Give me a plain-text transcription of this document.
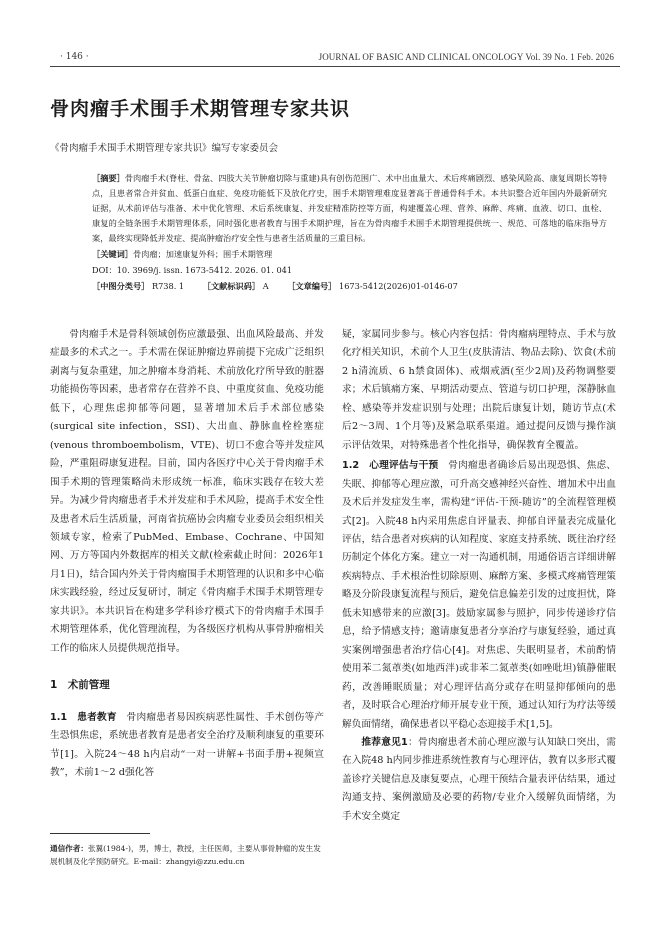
· 146 ·	JOURNAL OF BASIC AND CLINICAL ONCOLOGY Vol. 39 No. 1 Feb. 2026
骨肉瘤手术围手术期管理专家共识
《骨肉瘤手术围手术期管理专家共识》编写专家委员会

［摘要］骨肉瘤手术(脊柱、骨盆、四肢大关节肿瘤切除与重建)具有创伤范围广、术中出血量大、术后疼痛剧烈、感染风险高、康复周期长等特点，且患者常合并贫血、低蛋白血症、免疫功能低下及放化疗史，围手术期管理难度显著高于普通骨科手术。本共识整合近年国内外最新研究证据，从术前评估与准备、术中优化管理、术后系统康复、并发症精准防控等方面，构建覆盖心理、营养、麻醉、疼痛、血液、切口、血栓、康复的全链条围手术期管理体系，同时强化患者教育与围手术期护理，旨在为骨肉瘤手术围手术期管理提供统一、规范、可落地的临床指导方案，最终实现降低并发症、提高肿瘤治疗安全性与患者生活质量的三重目标。

［关键词］骨肉瘤；加速康复外科；围手术期管理
DOI：10. 3969/j. issn. 1673-5412. 2026. 01. 041
［中图分类号］ R738. 1 ［文献标识码］ A ［文章编号］ 1673-5412(2026)01-0146-07

骨肉瘤手术是骨科领域创伤应激最强、出血风险最高、并发症最多的术式之一。手术需在保证肿瘤边界前提下完成广泛组织剥离与复杂重建，加之肿瘤本身消耗、术前放化疗所导致的脏器功能损伤等因素，患者常存在营养不良、中重度贫血、免疫功能低下，心理焦虑抑郁等问题，显著增加术后手术部位感染(surgical site infection，SSI)、大出血、静脉血栓栓塞症(venous thromboembolism，VTE)、切口不愈合等并发症风险，严重阻碍康复进程。目前，国内各医疗中心关于骨肉瘤手术围手术期的管理策略尚未形成统一标准，临床实践存在较大差异。为减少骨肉瘤患者手术并发症和手术风险，提高手术安全性及患者术后生活质量，河南省抗癌协会肉瘤专业委员会组织相关领域专家，检索了PubMed、Embase、Cochrane、中国知网、万方等国内外数据库的相关文献(检索截止时间：2026年1月1日)，结合国内外关于骨肉瘤围手术期管理的认识和多中心临床实践经验，经过反复研讨，制定《骨肉瘤手术围手术期管理专家共识》。本共识旨在构建多学科诊疗模式下的骨肉瘤手术围手术期管理体系，优化管理流程，为各级医疗机构从事骨肿瘤相关工作的临床人员提供规范指导。

1　术前管理

1.1　患者教育　 骨肉瘤患者易因疾病恶性属性、手术创伤等产生恐惧焦虑，系统患者教育是患者安全治疗及顺利康复的重要环节[1]。入院24～48 h内启动“一对一讲解+书面手册+视频宣教”，术前1～2 d强化答

疑，家属同步参与。核心内容包括：骨肉瘤病理特点、手术与放化疗相关知识，术前个人卫生(皮肤清洁、物品去除)、饮食(术前2 h清流质、6 h禁食固体)、戒烟戒酒(至少2周)及药物调整要求；术后镇痛方案、早期活动要点、管道与切口护理，深静脉血栓、感染等并发症识别与处理；出院后康复计划，随访节点(术后2～3周、1个月等)及紧急联系渠道。通过提问反馈与操作演示评估效果，对特殊患者个性化指导，确保教育全覆盖。

1.2　心理评估与干预　 骨肉瘤患者确诊后易出现恐惧、焦虑、失眠、抑郁等心理应激，可升高交感神经兴奋性、增加术中出血及术后并发症发生率，需构建“评估-干预-随访”的全流程管理模式[2]。入院48 h内采用焦虑自评量表、抑郁自评量表完成量化评估，结合患者对疾病的认知程度、家庭支持系统、既往治疗经历制定个体化方案。建立一对一沟通机制，用通俗语言详细讲解疾病特点、手术根治性切除原则、麻醉方案、多模式疼痛管理策略及分阶段康复流程与预后，避免信息偏差引发的过度担忧，降低未知感带来的应激[3]。鼓励家属参与照护，同步传递诊疗信息，给予情感支持；邀请康复患者分享治疗与康复经验，通过真实案例增强患者治疗信心[4]。对焦虑、失眠明显者，术前酌情使用苯二氮䓬类(如地西泮)或非苯二氮䓬类(如唑吡坦)镇静催眠药，改善睡眠质量；对心理评估高分或存在明显抑郁倾向的患者，及时联合心理治疗师开展专业干预，通过认知行为疗法等缓解负面情绪，确保患者以平稳心态迎接手术[1,5]。

推荐意见1：骨肉瘤患者术前心理应激与认知缺口突出，需在入院48 h内同步推进系统性教育与心理评估，教育以多形式覆盖诊疗关键信息及康复要点，心理干预结合量表评估结果，通过沟通支持、案例激励及必要的药物/专业介入缓解负面情绪，为手术安全奠定

通信作者：张翼(1984-)，男，博士，教授，主任医师，主要从事骨肿瘤的发生发展机制及化学预防研究。E-mail：zhangyi@zzu.edu.cn
